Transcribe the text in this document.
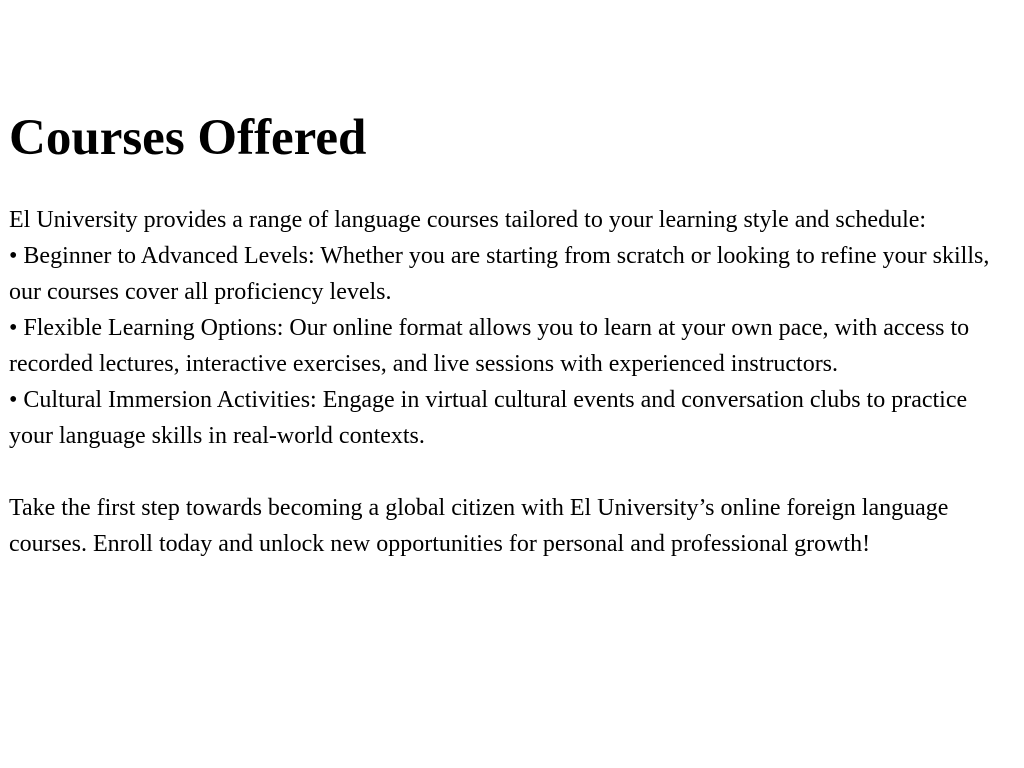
Courses Offered

El University provides a range of language courses tailored to your learning style and schedule:

• Beginner to Advanced Levels: Whether you are starting from scratch or looking to refine your skills, our courses cover all proficiency levels.

• Flexible Learning Options: Our online format allows you to learn at your own pace, with access to recorded lectures, interactive exercises, and live sessions with experienced instructors.

• Cultural Immersion Activities: Engage in virtual cultural events and conversation clubs to practice your language skills in real-world contexts.

Take the first step towards becoming a global citizen with El University’s online foreign language courses. Enroll today and unlock new opportunities for personal and professional growth!
